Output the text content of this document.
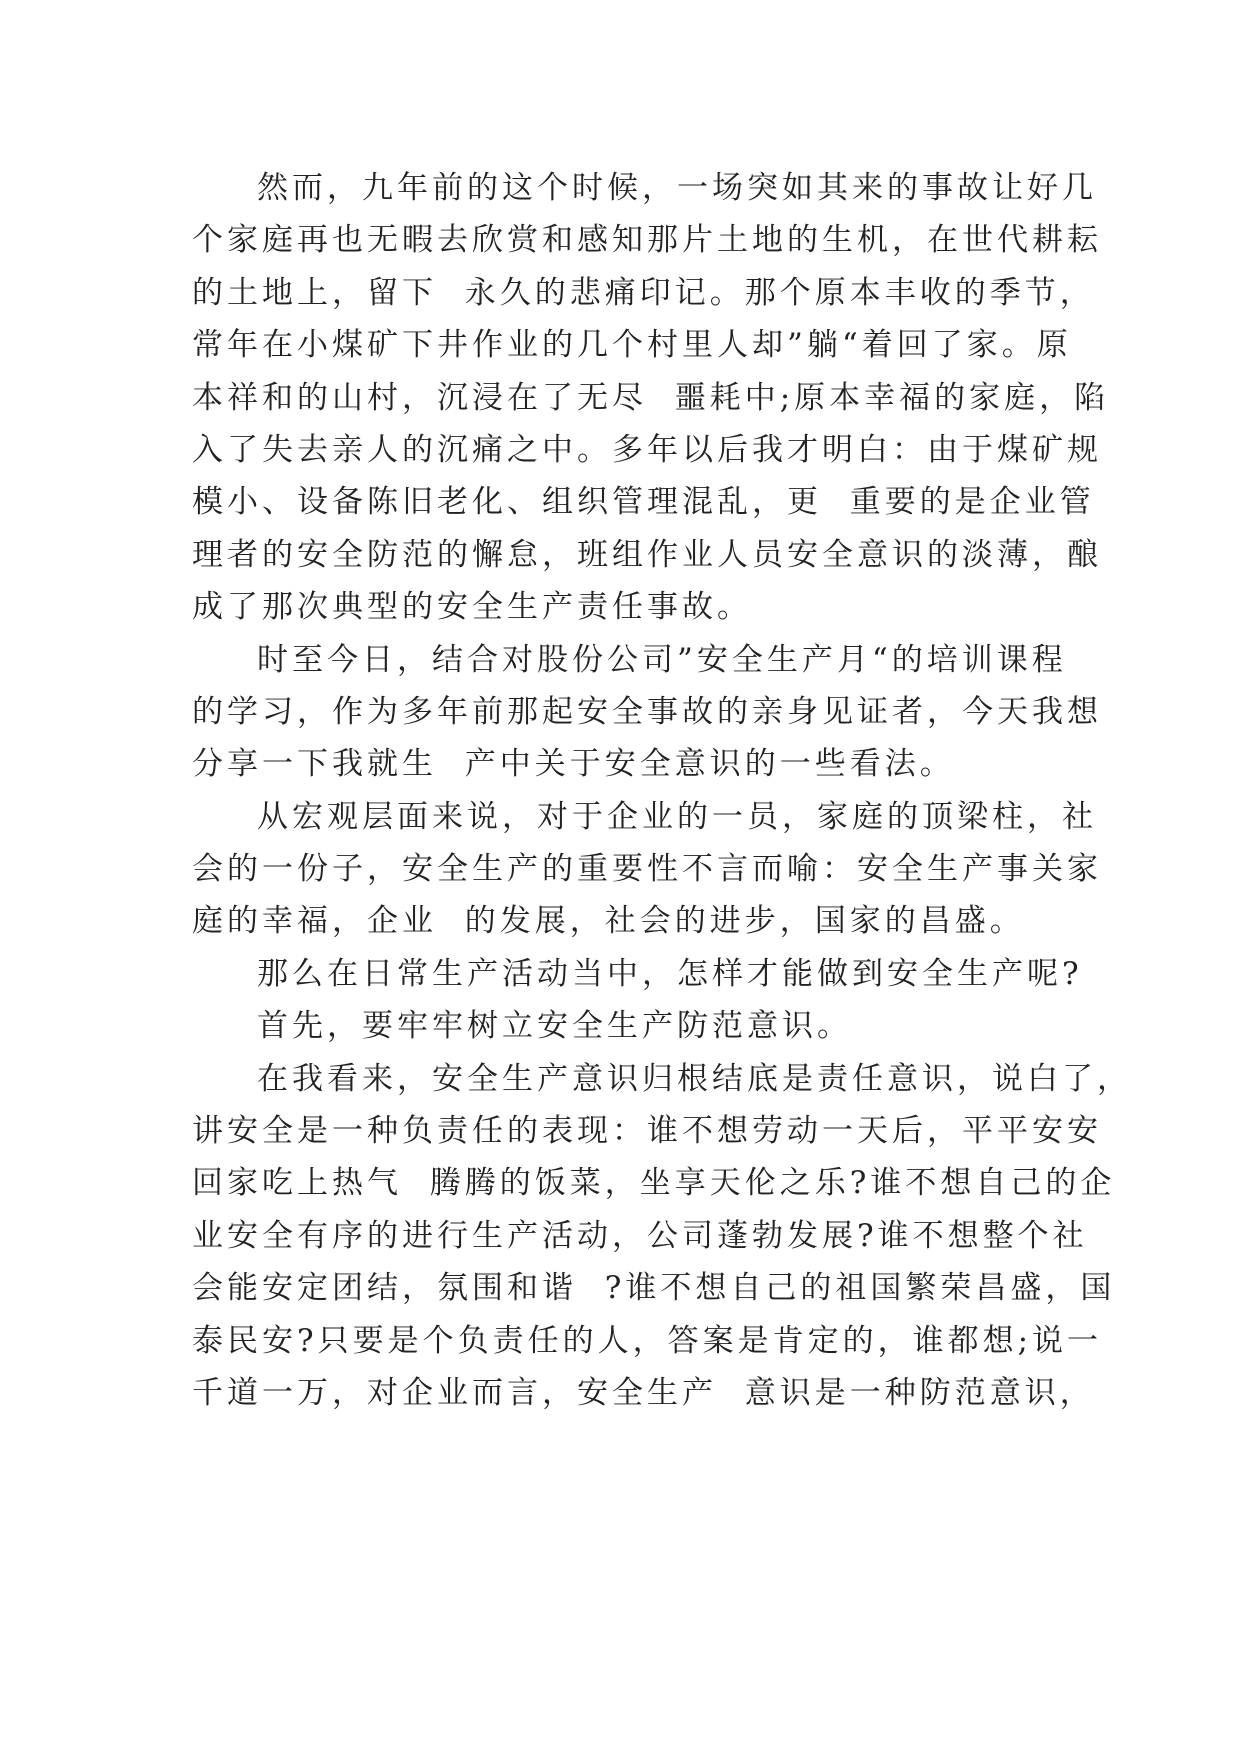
然而，九年前的这个时候，一场突如其来的事故让好几
个家庭再也无暇去欣赏和感知那片土地的生机，在世代耕耘
的土地上，留下  永久的悲痛印记。那个原本丰收的季节，
常年在小煤矿下井作业的几个村里人却”躺“着回了家。原
本祥和的山村，沉浸在了无尽  噩耗中;原本幸福的家庭，陷
入了失去亲人的沉痛之中。多年以后我才明白：由于煤矿规
模小、设备陈旧老化、组织管理混乱，更  重要的是企业管
理者的安全防范的懈怠，班组作业人员安全意识的淡薄，酿
成了那次典型的安全生产责任事故。
时至今日，结合对股份公司”安全生产月“的培训课程
的学习，作为多年前那起安全事故的亲身见证者，今天我想
分享一下我就生  产中关于安全意识的一些看法。
从宏观层面来说，对于企业的一员，家庭的顶梁柱，社
会的一份子，安全生产的重要性不言而喻：安全生产事关家
庭的幸福，企业  的发展，社会的进步，国家的昌盛。
那么在日常生产活动当中，怎样才能做到安全生产呢?
首先，要牢牢树立安全生产防范意识。
在我看来，安全生产意识归根结底是责任意识，说白了，
讲安全是一种负责任的表现：谁不想劳动一天后，平平安安
回家吃上热气  腾腾的饭菜，坐享天伦之乐?谁不想自己的企
业安全有序的进行生产活动，公司蓬勃发展?谁不想整个社
会能安定团结，氛围和谐  ?谁不想自己的祖国繁荣昌盛，国
泰民安?只要是个负责任的人，答案是肯定的，谁都想;说一
千道一万，对企业而言，安全生产  意识是一种防范意识，
